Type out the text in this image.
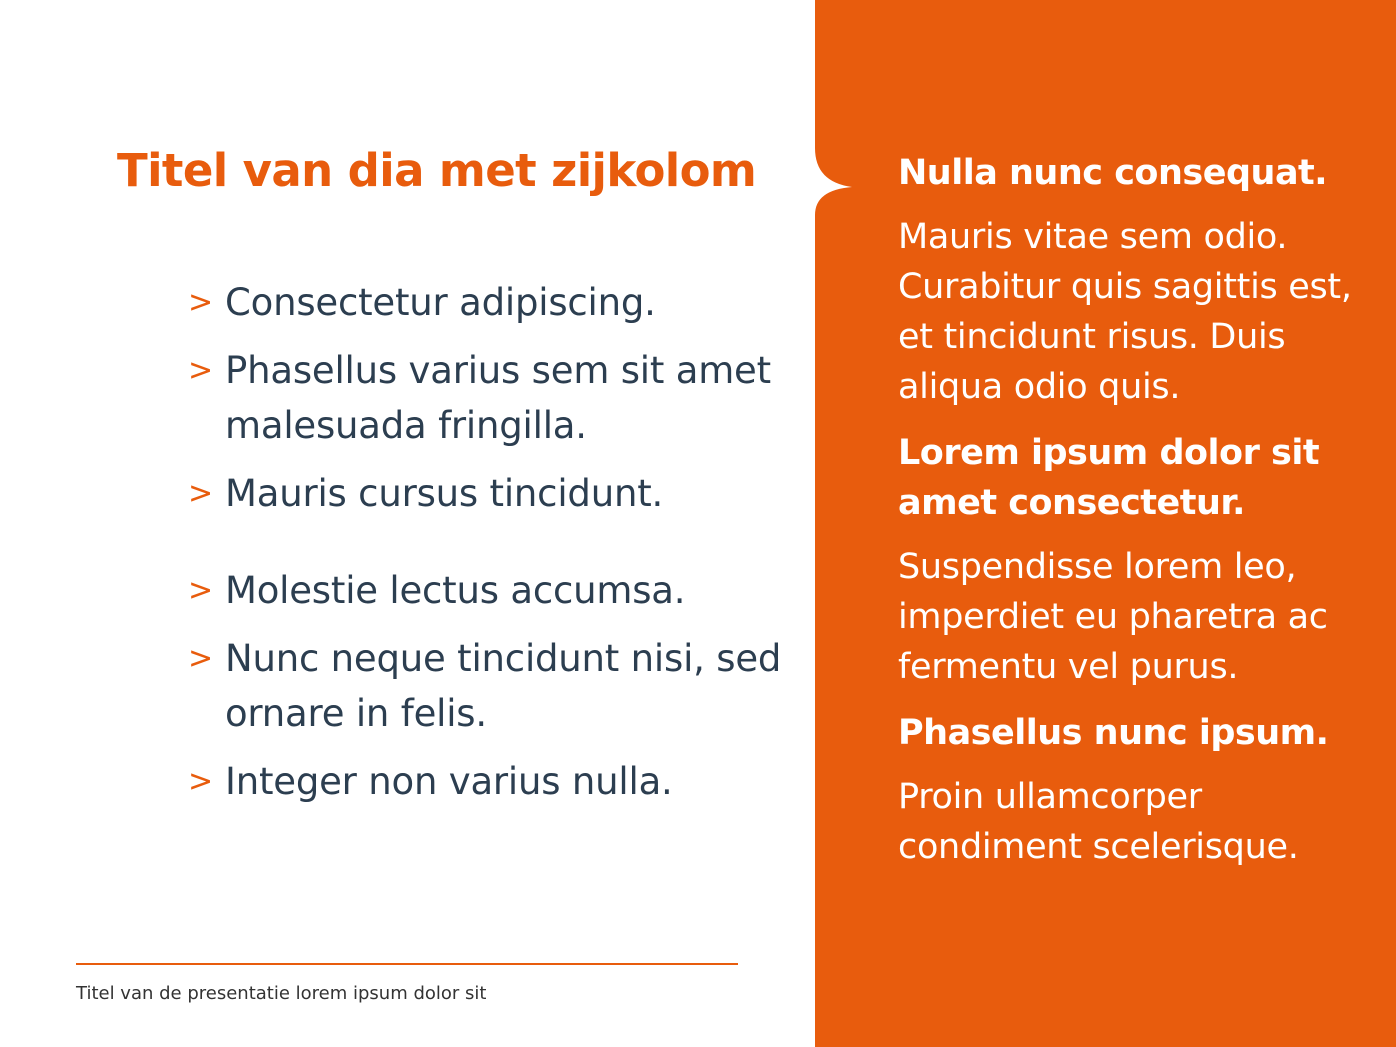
Titel van dia met zijkolom
> Consectetur adipiscing.
> Phasellus varius sem sit amet malesuada fringilla.
> Mauris cursus tincidunt.
> Molestie lectus accumsa.
> Nunc neque tincidunt nisi, sed ornare in felis.
> Integer non varius nulla.
Titel van de presentatie lorem ipsum dolor sit

Nulla nunc consequat.

Mauris vitae sem odio. Curabitur quis sagittis est, et tincidunt risus. Duis aliqua odio quis.

Lorem ipsum dolor sit amet consectetur.

Suspendisse lorem leo, imperdiet eu pharetra ac fermentu vel purus.

Phasellus nunc ipsum.

Proin ullamcorper condiment scelerisque.
